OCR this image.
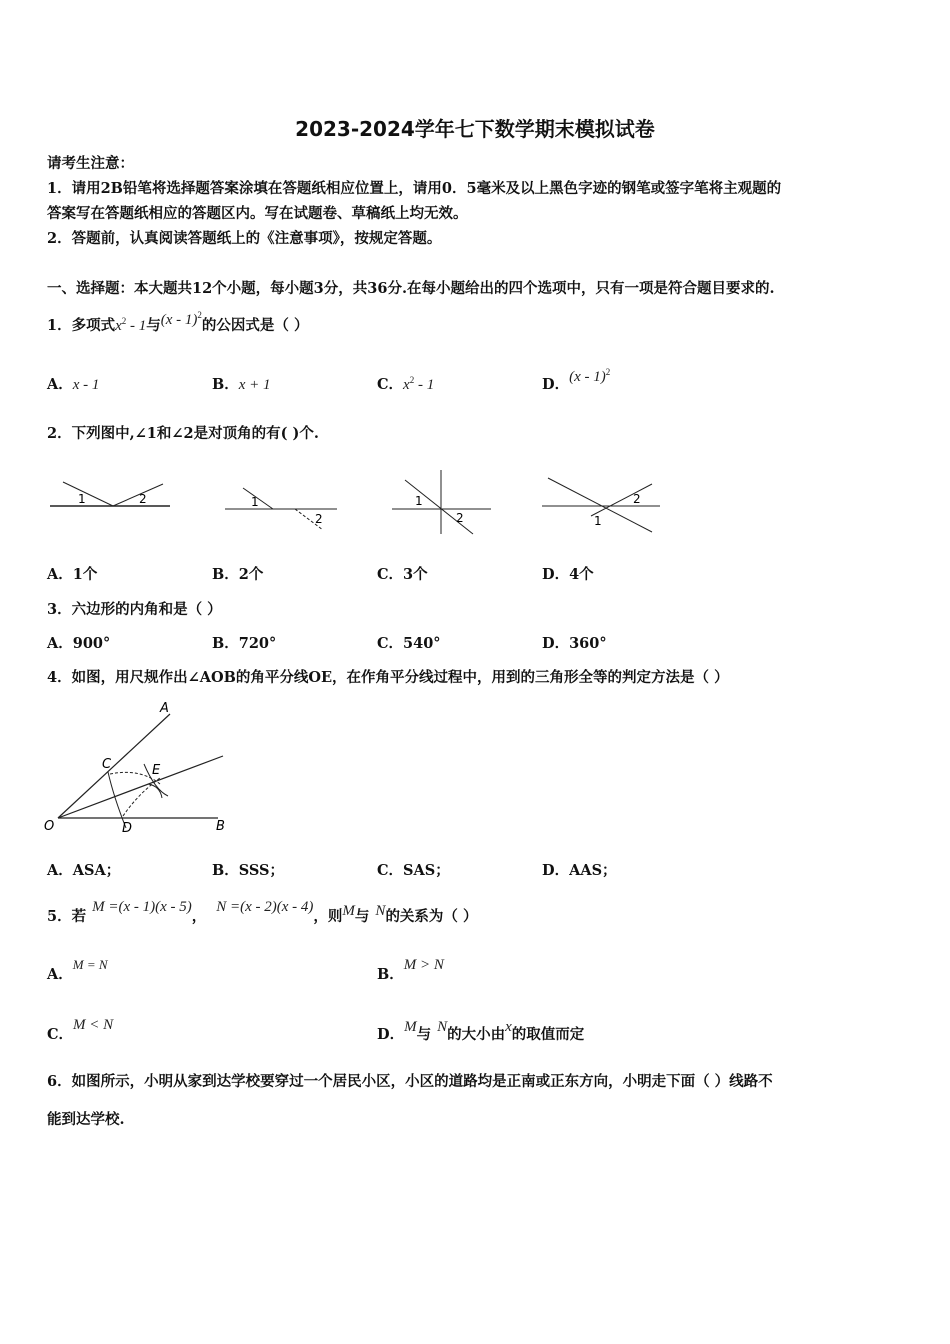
2023-2024学年七下数学期末模拟试卷
请考生注意：
1．请用2B铅笔将选择题答案涂填在答题纸相应位置上，请用0．5毫米及以上黑色字迹的钢笔或签字笔将主观题的
答案写在答题纸相应的答题区内。写在试题卷、草稿纸上均无效。
2．答题前，认真阅读答题纸上的《注意事项》，按规定答题。
一、选择题：本大题共12个小题，每小题3分，共36分.在每小题给出的四个选项中，只有一项是符合题目要求的.
1．多项式$x^2 - 1$与(x - 1)$^2$的公因式是（ ）
A．x - 1	B．x + 1	C．$x^2 - 1$	D．(x - 1)$^2$
2．下列图中,∠1和∠2是对顶角的有( )个.
1	2	1
2
1
2
2
1
A．1个	B．2个	C．3个	D．4个
3．六边形的内角和是（ ）
A．900°	B．720°	C．540°	D．360°
4．如图，用尺规作出∠AOB的角平分线OE，在作角平分线过程中，用到的三角形全等的判定方法是（ ）
A
B
C
D
E
O
A．ASA；	B．SSS；	C．SAS；	D．AAS；
5．若M =(x - 1)(x - 5)，N =(x - 2)(x - 4)，则M与 N的关系为（ ）
A．M = N
B．M > N
C．M < N
D．M与 N的大小由x的取值而定
6．如图所示，小明从家到达学校要穿过一个居民小区，小区的道路均是正南或正东方向，小明走下面（ ）线路不
能到达学校.
